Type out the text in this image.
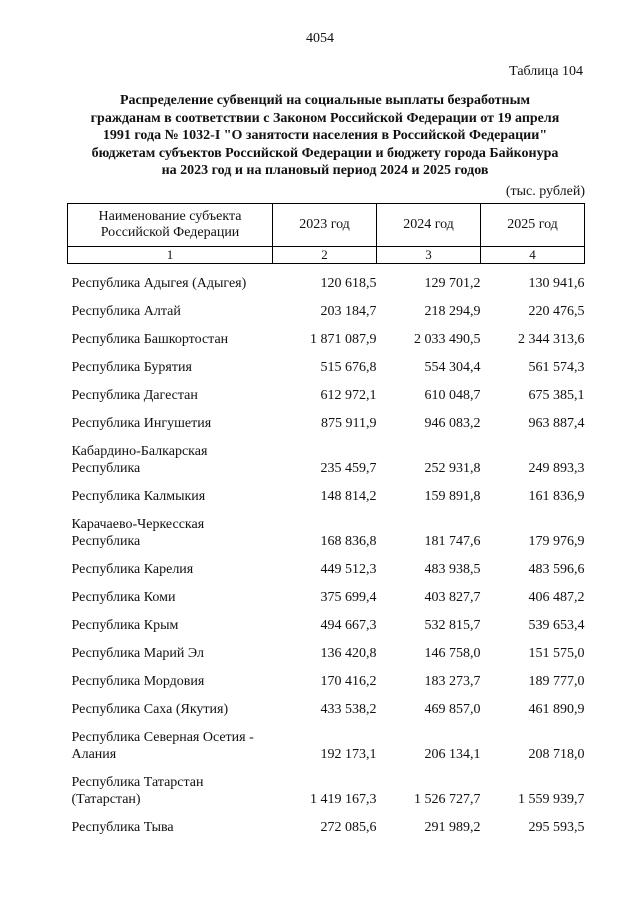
4054
Таблица 104
Распределение субвенций на социальные выплаты безработным
гражданам в соответствии с Законом Российской Федерации от 19 апреля
1991 года № 1032-I "О занятости населения в Российской Федерации"
бюджетам субъектов Российской Федерации и бюджету города Байконура
на 2023 год и на плановый период 2024 и 2025 годов
(тыс. рублей)
Наименование субъекта Российской Федерации	2023 год	2024 год	2025 год
1	2	3	4
Республика Адыгея (Адыгея)	120 618,5	129 701,2	130 941,6
Республика Алтай	203 184,7	218 294,9	220 476,5
Республика Башкортостан	1 871 087,9	2 033 490,5	2 344 313,6
Республика Бурятия	515 676,8	554 304,4	561 574,3
Республика Дагестан	612 972,1	610 048,7	675 385,1
Республика Ингушетия	875 911,9	946 083,2	963 887,4
Кабардино-Балкарская Республика	235 459,7	252 931,8	249 893,3
Республика Калмыкия	148 814,2	159 891,8	161 836,9
Карачаево-Черкесская Республика	168 836,8	181 747,6	179 976,9
Республика Карелия	449 512,3	483 938,5	483 596,6
Республика Коми	375 699,4	403 827,7	406 487,2
Республика Крым	494 667,3	532 815,7	539 653,4
Республика Марий Эл	136 420,8	146 758,0	151 575,0
Республика Мордовия	170 416,2	183 273,7	189 777,0
Республика Саха (Якутия)	433 538,2	469 857,0	461 890,9
Республика Северная Осетия - Алания	192 173,1	206 134,1	208 718,0
Республика Татарстан (Татарстан)	1 419 167,3	1 526 727,7	1 559 939,7
Республика Тыва	272 085,6	291 989,2	295 593,5
